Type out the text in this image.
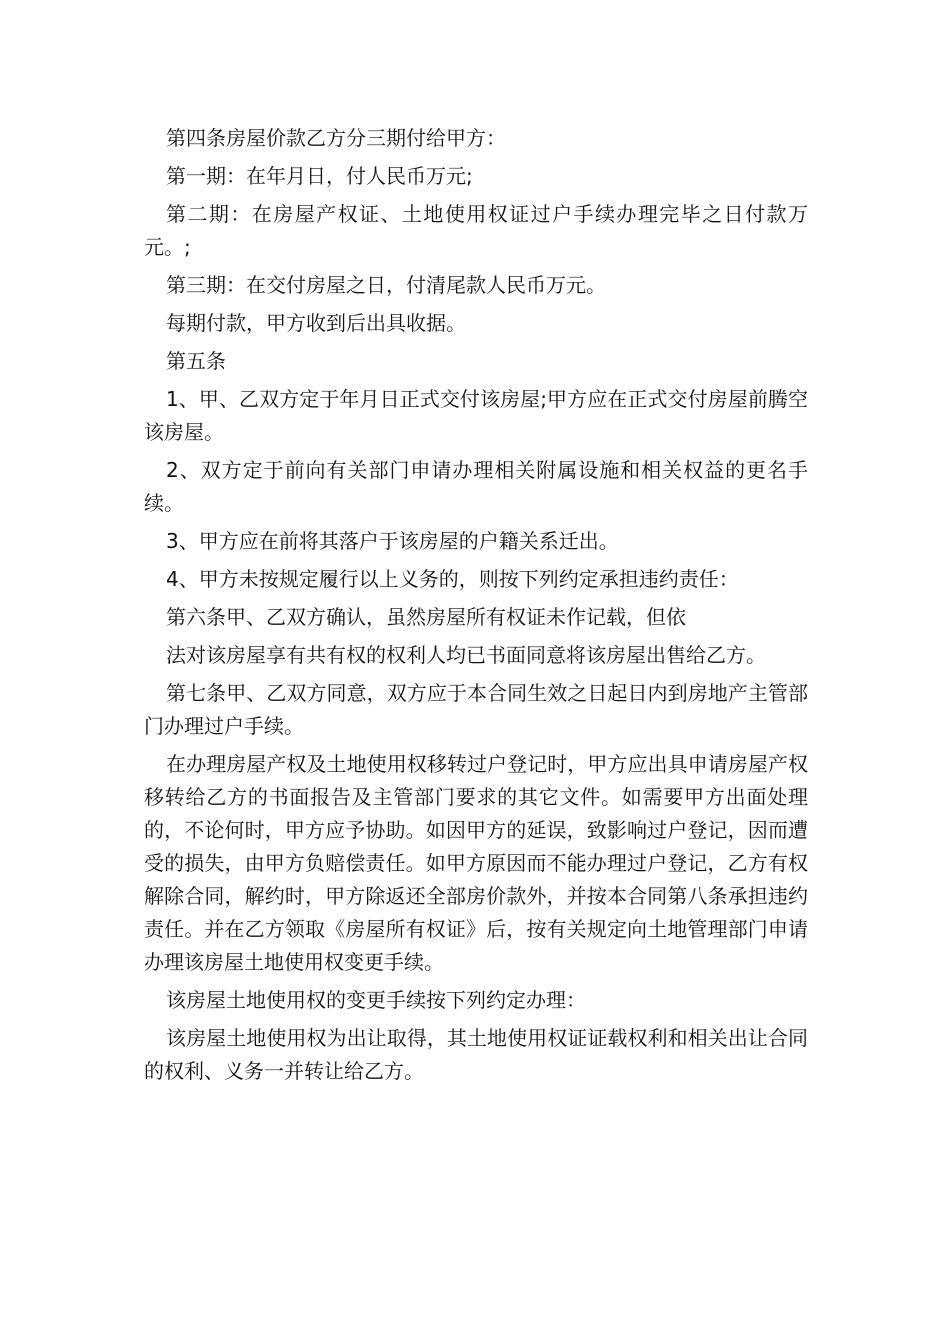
第四条房屋价款乙方分三期付给甲方：

第一期：在年月日，付人民币万元;

第二期：在房屋产权证、土地使用权证过户手续办理完毕之日付款万元。;

第三期：在交付房屋之日，付清尾款人民币万元。

每期付款，甲方收到后出具收据。

第五条

1、甲、乙双方定于年月日正式交付该房屋;甲方应在正式交付房屋前腾空该房屋。

2、双方定于前向有关部门申请办理相关附属设施和相关权益的更名手续。

3、甲方应在前将其落户于该房屋的户籍关系迁出。

4、甲方未按规定履行以上义务的，则按下列约定承担违约责任：

第六条甲、乙双方确认，虽然房屋所有权证未作记载，但依

法对该房屋享有共有权的权利人均已书面同意将该房屋出售给乙方。

第七条甲、乙双方同意，双方应于本合同生效之日起日内到房地产主管部门办理过户手续。

在办理房屋产权及土地使用权移转过户登记时，甲方应出具申请房屋产权移转给乙方的书面报告及主管部门要求的其它文件。如需要甲方出面处理的，不论何时，甲方应予协助。如因甲方的延误，致影响过户登记，因而遭受的损失，由甲方负赔偿责任。如甲方原因而不能办理过户登记，乙方有权解除合同，解约时，甲方除返还全部房价款外，并按本合同第八条承担违约责任。并在乙方领取《房屋所有权证》后，按有关规定向土地管理部门申请办理该房屋土地使用权变更手续。

该房屋土地使用权的变更手续按下列约定办理：

该房屋土地使用权为出让取得，其土地使用权证证载权利和相关出让合同的权利、义务一并转让给乙方。
